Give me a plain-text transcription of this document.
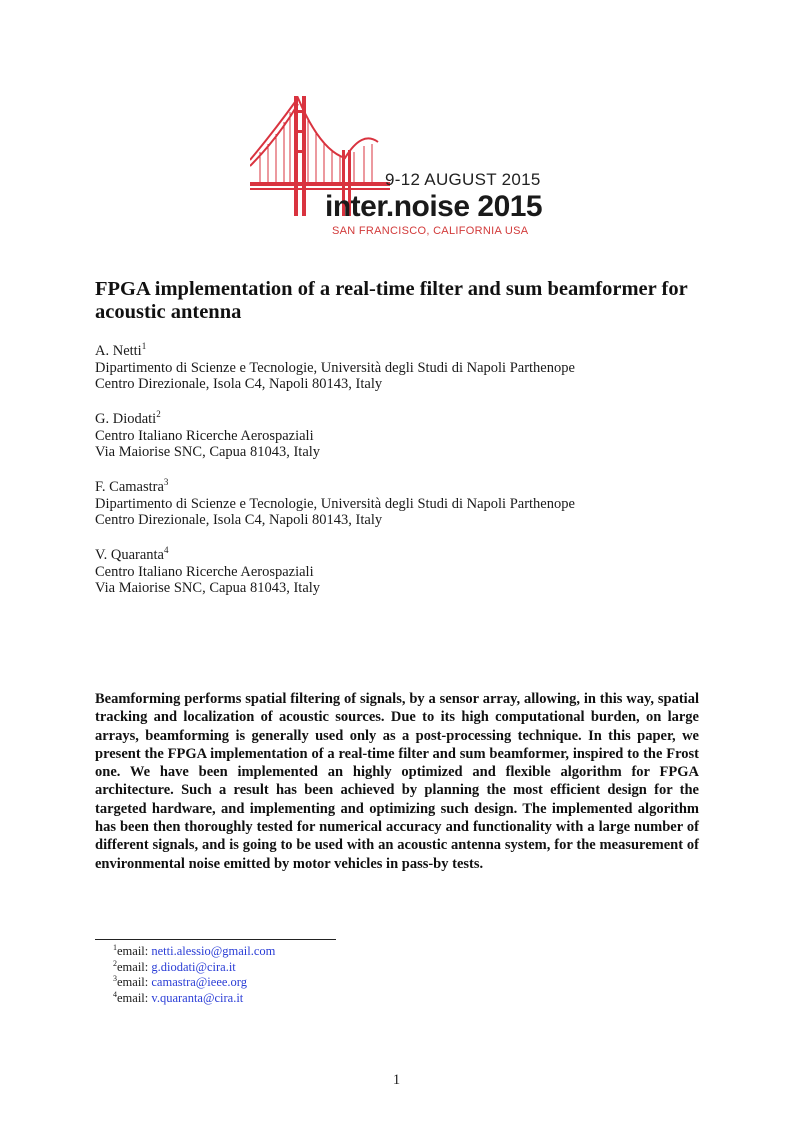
9-12 AUGUST 2015
inter.noise 2015
SAN FRANCISCO, CALIFORNIA USA
FPGA implementation of a real-time filter and sum beamformer for acoustic antenna
A. Netti$^1$
Dipartimento di Scienze e Tecnologie, Università degli Studi di Napoli Parthenope
Centro Direzionale, Isola C4, Napoli 80143, Italy
G. Diodati$^2$
Centro Italiano Ricerche Aerospaziali
Via Maiorise SNC, Capua 81043, Italy
F. Camastra$^3$
Dipartimento di Scienze e Tecnologie, Università degli Studi di Napoli Parthenope
Centro Direzionale, Isola C4, Napoli 80143, Italy
V. Quaranta$^4$
Centro Italiano Ricerche Aerospaziali
Via Maiorise SNC, Capua 81043, Italy

Beamforming performs spatial filtering of signals, by a sensor array, allowing, in this way, spatial tracking and localization of acoustic sources. Due to its high computational burden, on large arrays, beamforming is generally used only as a post-processing technique. In this paper, we present the FPGA implementation of a real-time filter and sum beamformer, inspired to the Frost one. We have been implemented an highly optimized and flexible algorithm for FPGA architecture. Such a result has been achieved by planning the most efficient design for the targeted hardware, and implementing and optimizing such design. The implemented algorithm has been then thoroughly tested for numerical accuracy and functionality with a large number of different signals, and is going to be used with an acoustic antenna system, for the measurement of environmental noise emitted by motor vehicles in pass-by tests.

$^1$email: netti.alessio@gmail.com
$^2$email: g.diodati@cira.it
$^3$email: camastra@ieee.org
$^4$email: v.quaranta@cira.it
1
